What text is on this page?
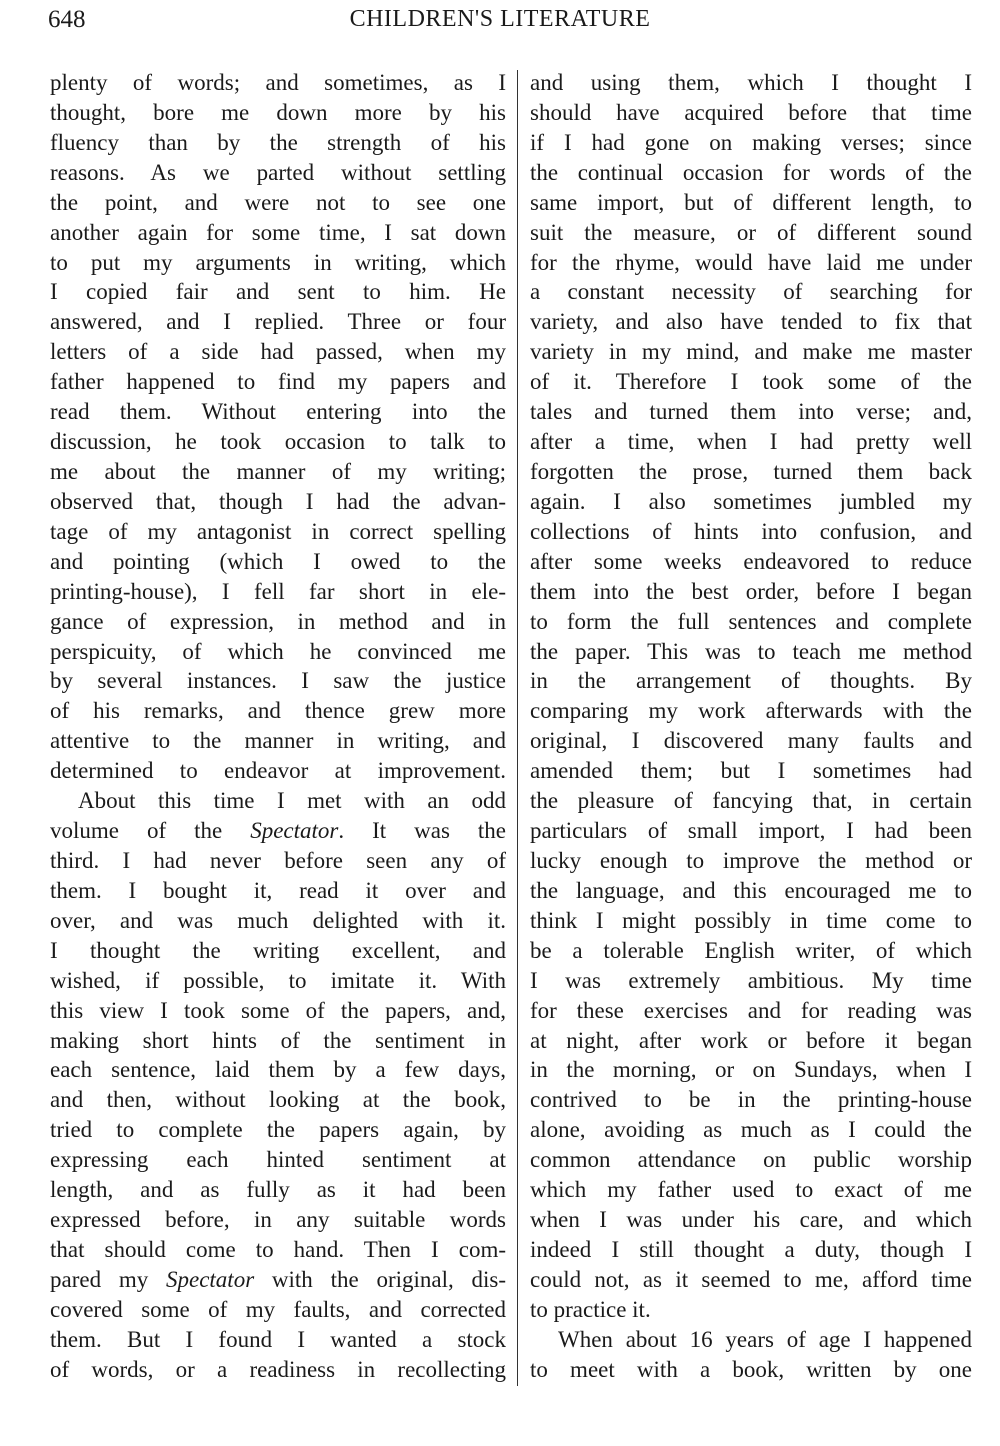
648	CHILDREN'S LITERATURE
plenty of words; and sometimes, as I
thought, bore me down more by his
fluency than by the strength of his
reasons. As we parted without settling
the point, and were not to see one
another again for some time, I sat down
to put my arguments in writing, which
I copied fair and sent to him. He
answered, and I replied. Three or four
letters of a side had passed, when my
father happened to find my papers and
read them. Without entering into the
discussion, he took occasion to talk to
me about the manner of my writing;
observed that, though I had the advan-
tage of my antagonist in correct spelling
and pointing (which I owed to the
printing-house), I fell far short in ele-
gance of expression, in method and in
perspicuity, of which he convinced me
by several instances. I saw the justice
of his remarks, and thence grew more
attentive to the manner in writing, and
determined to endeavor at improvement.
About this time I met with an odd
volume of the Spectator. It was the
third. I had never before seen any of
them. I bought it, read it over and
over, and was much delighted with it.
I thought the writing excellent, and
wished, if possible, to imitate it. With
this view I took some of the papers, and,
making short hints of the sentiment in
each sentence, laid them by a few days,
and then, without looking at the book,
tried to complete the papers again, by
expressing each hinted sentiment at
length, and as fully as it had been
expressed before, in any suitable words
that should come to hand. Then I com-
pared my Spectator with the original, dis-
covered some of my faults, and corrected
them. But I found I wanted a stock
of words, or a readiness in recollecting
and using them, which I thought I
should have acquired before that time
if I had gone on making verses; since
the continual occasion for words of the
same import, but of different length, to
suit the measure, or of different sound
for the rhyme, would have laid me under
a constant necessity of searching for
variety, and also have tended to fix that
variety in my mind, and make me master
of it. Therefore I took some of the
tales and turned them into verse; and,
after a time, when I had pretty well
forgotten the prose, turned them back
again. I also sometimes jumbled my
collections of hints into confusion, and
after some weeks endeavored to reduce
them into the best order, before I began
to form the full sentences and complete
the paper. This was to teach me method
in the arrangement of thoughts. By
comparing my work afterwards with the
original, I discovered many faults and
amended them; but I sometimes had
the pleasure of fancying that, in certain
particulars of small import, I had been
lucky enough to improve the method or
the language, and this encouraged me to
think I might possibly in time come to
be a tolerable English writer, of which
I was extremely ambitious. My time
for these exercises and for reading was
at night, after work or before it began
in the morning, or on Sundays, when I
contrived to be in the printing-house
alone, avoiding as much as I could the
common attendance on public worship
which my father used to exact of me
when I was under his care, and which
indeed I still thought a duty, though I
could not, as it seemed to me, afford time
to practice it.
When about 16 years of age I happened
to meet with a book, written by one
